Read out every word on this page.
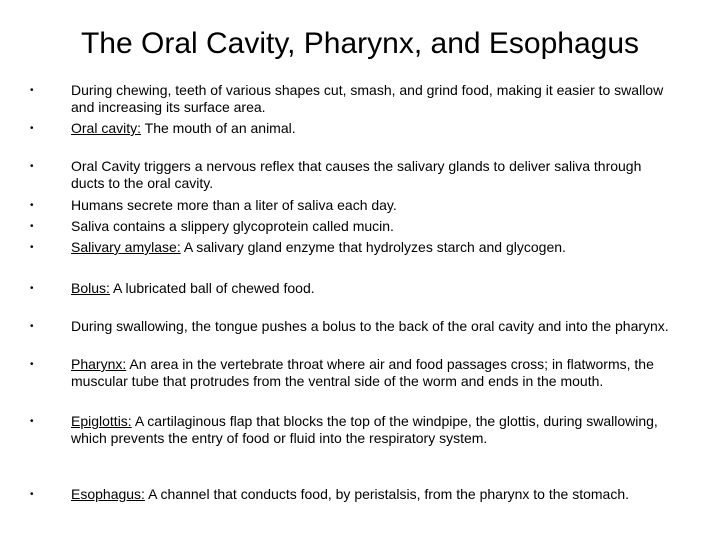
The Oral Cavity, Pharynx, and Esophagus
•	During chewing, teeth of various shapes cut, smash, and grind food, making it easier to swallow and increasing its surface area.
•	Oral cavity: The mouth of an animal.
•	Oral Cavity triggers a nervous reflex that causes the salivary glands to deliver saliva through ducts to the oral cavity.
•	Humans secrete more than a liter of saliva each day.
•	Saliva contains a slippery glycoprotein called mucin.
•	Salivary amylase: A salivary gland enzyme that hydrolyzes starch and glycogen.
•	Bolus: A lubricated ball of chewed food.
•	During swallowing, the tongue pushes a bolus to the back of the oral cavity and into the pharynx.
•	Pharynx: An area in the vertebrate throat where air and food passages cross; in flatworms, the muscular tube that protrudes from the ventral side of the worm and ends in the mouth.
•	Epiglottis: A cartilaginous flap that blocks the top of the windpipe, the glottis, during swallowing, which prevents the entry of food or fluid into the respiratory system.
•	Esophagus: A channel that conducts food, by peristalsis, from the pharynx to the stomach.
